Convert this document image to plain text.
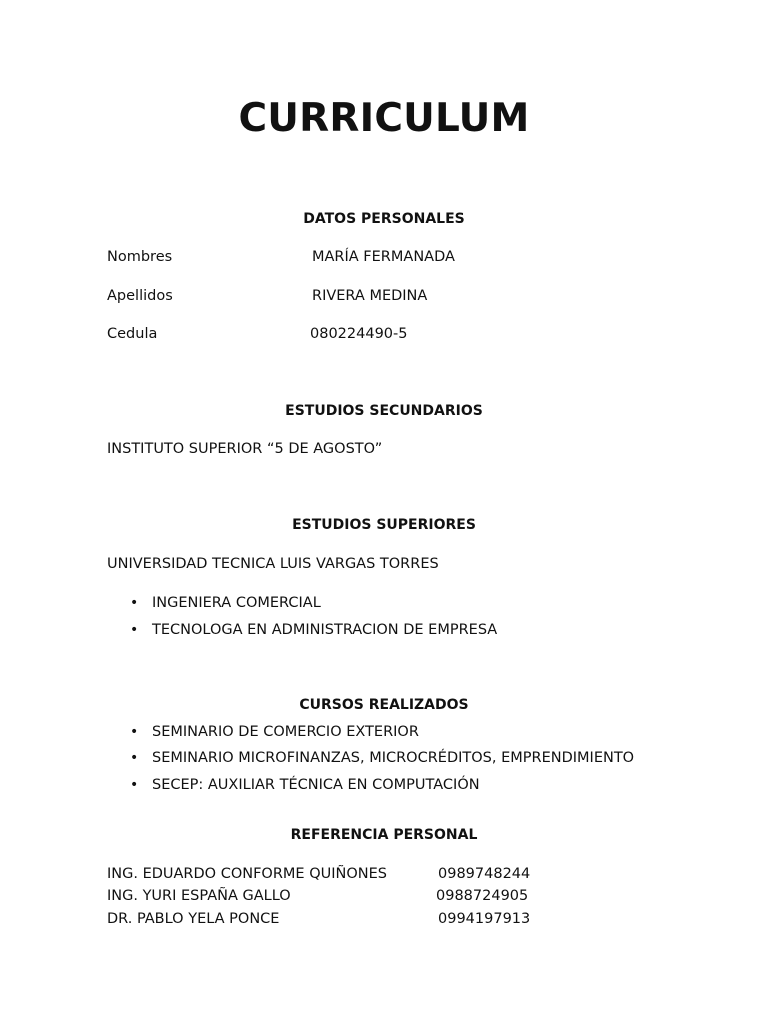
CURRICULUM
DATOS PERSONALES
Nombres	MARÍA FERMANADA
Apellidos	RIVERA MEDINA
Cedula	080224490-5
ESTUDIOS SECUNDARIOS
INSTITUTO SUPERIOR “5 DE AGOSTO”
ESTUDIOS SUPERIORES
UNIVERSIDAD TECNICA LUIS VARGAS TORRES
• INGENIERA COMERCIAL
• TECNOLOGA EN ADMINISTRACION DE EMPRESA
CURSOS REALIZADOS
• SEMINARIO DE COMERCIO EXTERIOR
• SEMINARIO MICROFINANZAS, MICROCRÉDITOS, EMPRENDIMIENTO
• SECEP: AUXILIAR TÉCNICA EN COMPUTACIÓN
REFERENCIA PERSONAL
ING. EDUARDO CONFORME QUIÑONES	0989748244
ING. YURI ESPAÑA GALLO	0988724905
DR. PABLO YELA PONCE	0994197913
